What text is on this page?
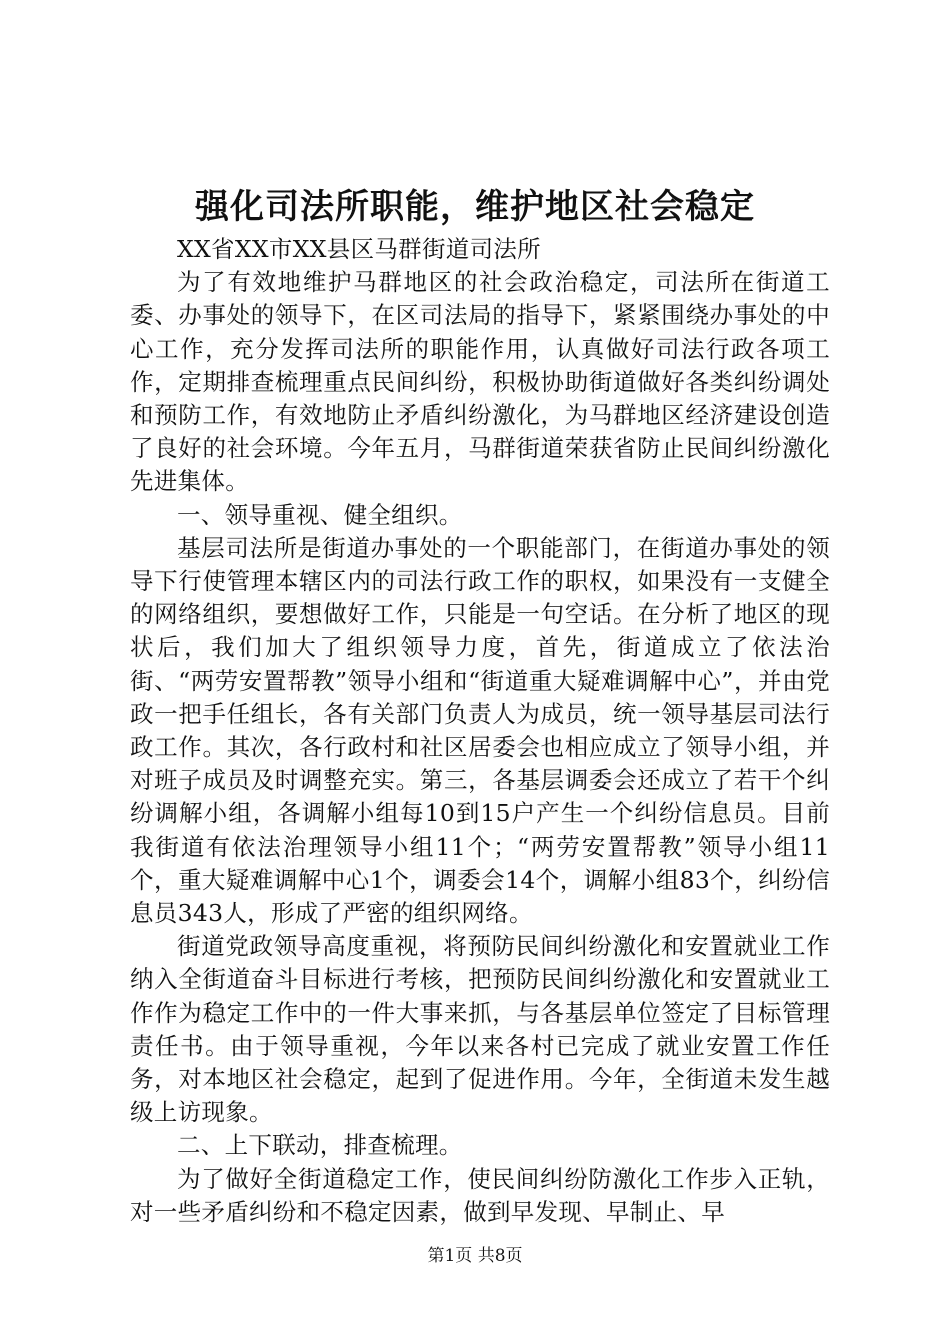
强化司法所职能，维护地区社会稳定

XX省XX市XX县区马群街道司法所

为了有效地维护马群地区的社会政治稳定，司法所在街道工委、办事处的领导下，在区司法局的指导下，紧紧围绕办事处的中心工作，充分发挥司法所的职能作用，认真做好司法行政各项工作，定期排查梳理重点民间纠纷，积极协助街道做好各类纠纷调处和预防工作，有效地防止矛盾纠纷激化，为马群地区经济建设创造了良好的社会环境。今年五月，马群街道荣获省防止民间纠纷激化先进集体。

一、领导重视、健全组织。

基层司法所是街道办事处的一个职能部门，在街道办事处的领导下行使管理本辖区内的司法行政工作的职权，如果没有一支健全的网络组织，要想做好工作，只能是一句空话。在分析了地区的现状后，我们加大了组织领导力度，首先，街道成立了依法治街、“两劳安置帮教”领导小组和“街道重大疑难调解中心”，并由党政一把手任组长，各有关部门负责人为成员，统一领导基层司法行政工作。其次，各行政村和社区居委会也相应成立了领导小组，并对班子成员及时调整充实。第三，各基层调委会还成立了若干个纠纷调解小组，各调解小组每10到15户产生一个纠纷信息员。目前我街道有依法治理领导小组11个；“两劳安置帮教”领导小组11个，重大疑难调解中心1个，调委会14个，调解小组83个，纠纷信息员343人，形成了严密的组织网络。

街道党政领导高度重视，将预防民间纠纷激化和安置就业工作纳入全街道奋斗目标进行考核，把预防民间纠纷激化和安置就业工作作为稳定工作中的一件大事来抓，与各基层单位签定了目标管理责任书。由于领导重视，今年以来各村已完成了就业安置工作任务，对本地区社会稳定，起到了促进作用。今年，全街道未发生越级上访现象。

二、上下联动，排查梳理。

为了做好全街道稳定工作，使民间纠纷防激化工作步入正轨，对一些矛盾纠纷和不稳定因素，做到早发现、早制止、早

第1页 共8页
